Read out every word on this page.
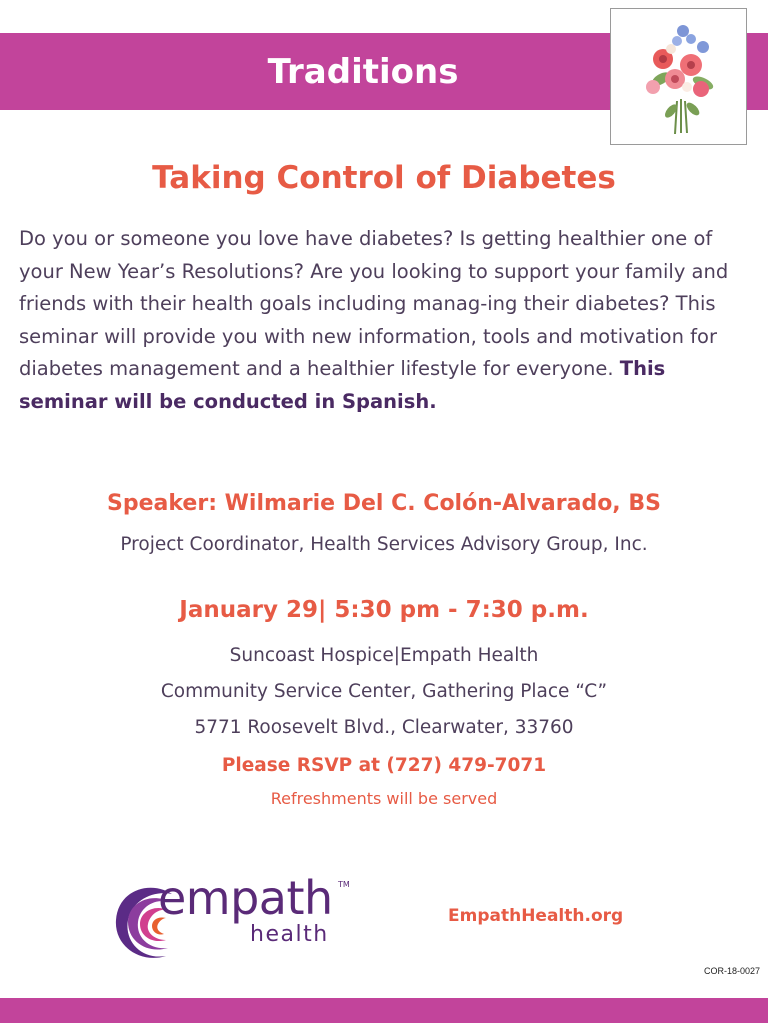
Traditions
Taking Control of Diabetes
Do you or someone you love have diabetes? Is getting healthier one of your New Year’s Resolutions? Are you looking to support your family and friends with their health goals including manag-ing their diabetes? This seminar will provide you with new information, tools and motivation for diabetes management and a healthier lifestyle for everyone. This seminar will be conducted in Spanish.
Speaker: Wilmarie Del C. Colón-Alvarado, BS
Project Coordinator, Health Services Advisory Group, Inc.
January 29| 5:30 pm - 7:30 p.m.
Suncoast Hospice|Empath Health
Community Service Center, Gathering Place “C”
5771 Roosevelt Blvd., Clearwater, 33760
Please RSVP at (727) 479-7071
Refreshments will be served
empath TM
health
EmpathHealth.org
COR-18-0027
